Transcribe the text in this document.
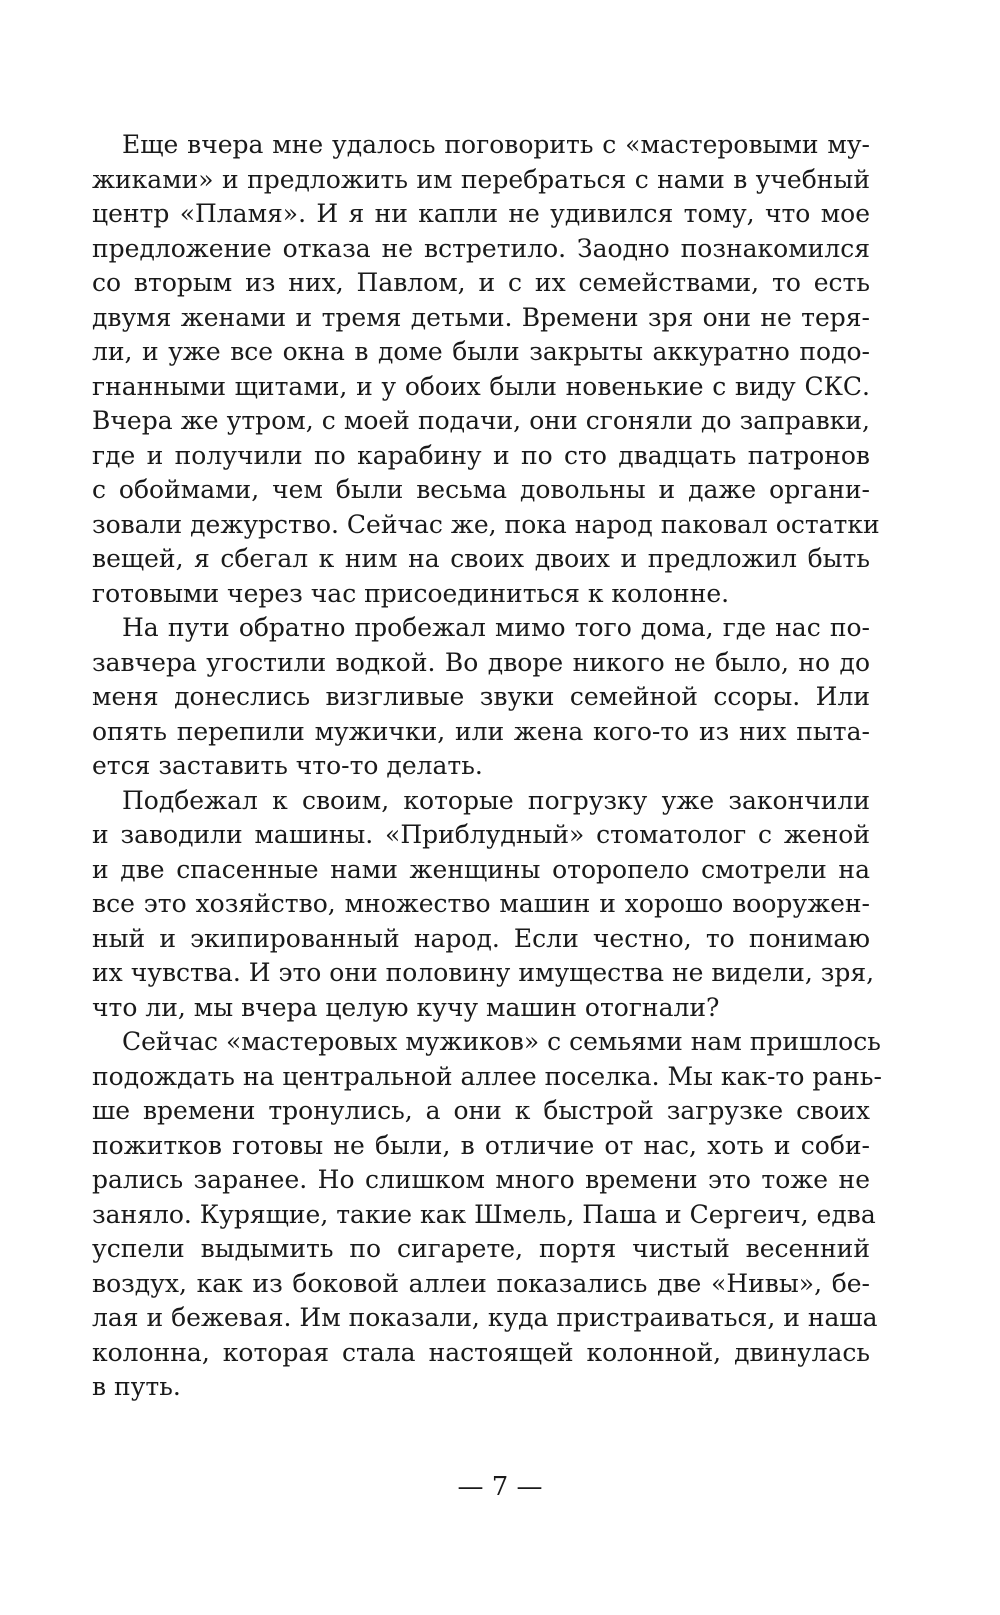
Еще вчера мне удалось поговорить с «мастеровыми му-
жиками» и предложить им перебраться с нами в учебный
центр «Пламя». И я ни капли не удивился тому, что мое
предложение отказа не встретило. Заодно познакомился
со вторым из них, Павлом, и с их семействами, то есть
двумя женами и тремя детьми. Времени зря они не теря-
ли, и уже все окна в доме были закрыты аккуратно подо-
гнанными щитами, и у обоих были новенькие с виду СКС.
Вчера же утром, с моей подачи, они сгоняли до заправки,
где и получили по карабину и по сто двадцать патронов
с обоймами, чем были весьма довольны и даже органи-
зовали дежурство. Сейчас же, пока народ паковал остатки
вещей, я сбегал к ним на своих двоих и предложил быть
готовыми через час присоединиться к колонне.
На пути обратно пробежал мимо того дома, где нас по-
завчера угостили водкой. Во дворе никого не было, но до
меня донеслись визгливые звуки семейной ссоры. Или
опять перепили мужички, или жена кого-то из них пыта-
ется заставить что-то делать.
Подбежал к своим, которые погрузку уже закончили
и заводили машины. «Приблудный» стоматолог с женой
и две спасенные нами женщины оторопело смотрели на
все это хозяйство, множество машин и хорошо вооружен-
ный и экипированный народ. Если честно, то понимаю
их чувства. И это они половину имущества не видели, зря,
что ли, мы вчера целую кучу машин отогнали?
Сейчас «мастеровых мужиков» с семьями нам пришлось
подождать на центральной аллее поселка. Мы как-то рань-
ше времени тронулись, а они к быстрой загрузке своих
пожитков готовы не были, в отличие от нас, хоть и соби-
рались заранее. Но слишком много времени это тоже не
заняло. Курящие, такие как Шмель, Паша и Сергеич, едва
успели выдымить по сигарете, портя чистый весенний
воздух, как из боковой аллеи показались две «Нивы», бе-
лая и бежевая. Им показали, куда пристраиваться, и наша
колонна, которая стала настоящей колонной, двинулась
в путь.
— 7 —
